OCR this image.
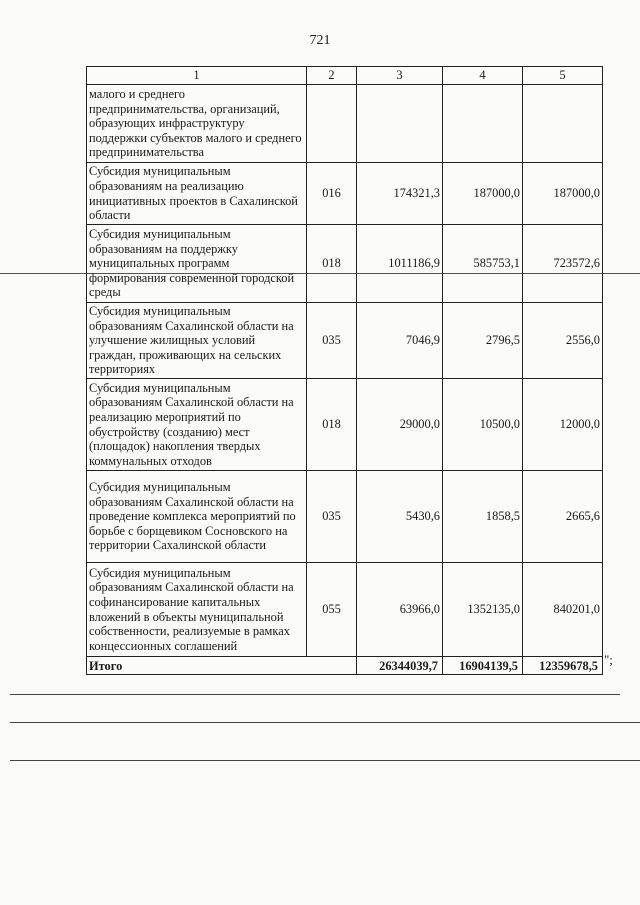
721
1	2	3	4	5
малого и среднего предпринимательства, организаций, образующих инфраструктуру поддержки субъектов малого и среднего предпринимательства				
Субсидия муниципальным образованиям на реализацию инициативных проектов в Сахалинской области	016	174321,3	187000,0	187000,0
Субсидия муниципальным образованиям на поддержку муниципальных программ формирования современной городской среды	018	1011186,9	585753,1	723572,6
Субсидия муниципальным образованиям Сахалинской области на улучшение жилищных условий граждан, проживающих на сельских территориях	035	7046,9	2796,5	2556,0
Субсидия муниципальным образованиям Сахалинской области на реализацию мероприятий по обустройству (созданию) мест (площадок) накопления твердых коммунальных отходов	018	29000,0	10500,0	12000,0
Субсидия муниципальным образованиям Сахалинской области на проведение комплекса мероприятий по борьбе с борщевиком Сосновского на территории Сахалинской области	035	5430,6	1858,5	2665,6
Субсидия муниципальным образованиям Сахалинской области на софинансирование капитальных вложений в объекты муниципальной собственности, реализуемые в рамках концессионных соглашений	055	63966,0	1352135,0	840201,0
Итого		26344039,7	16904139,5	12359678,5 ";
